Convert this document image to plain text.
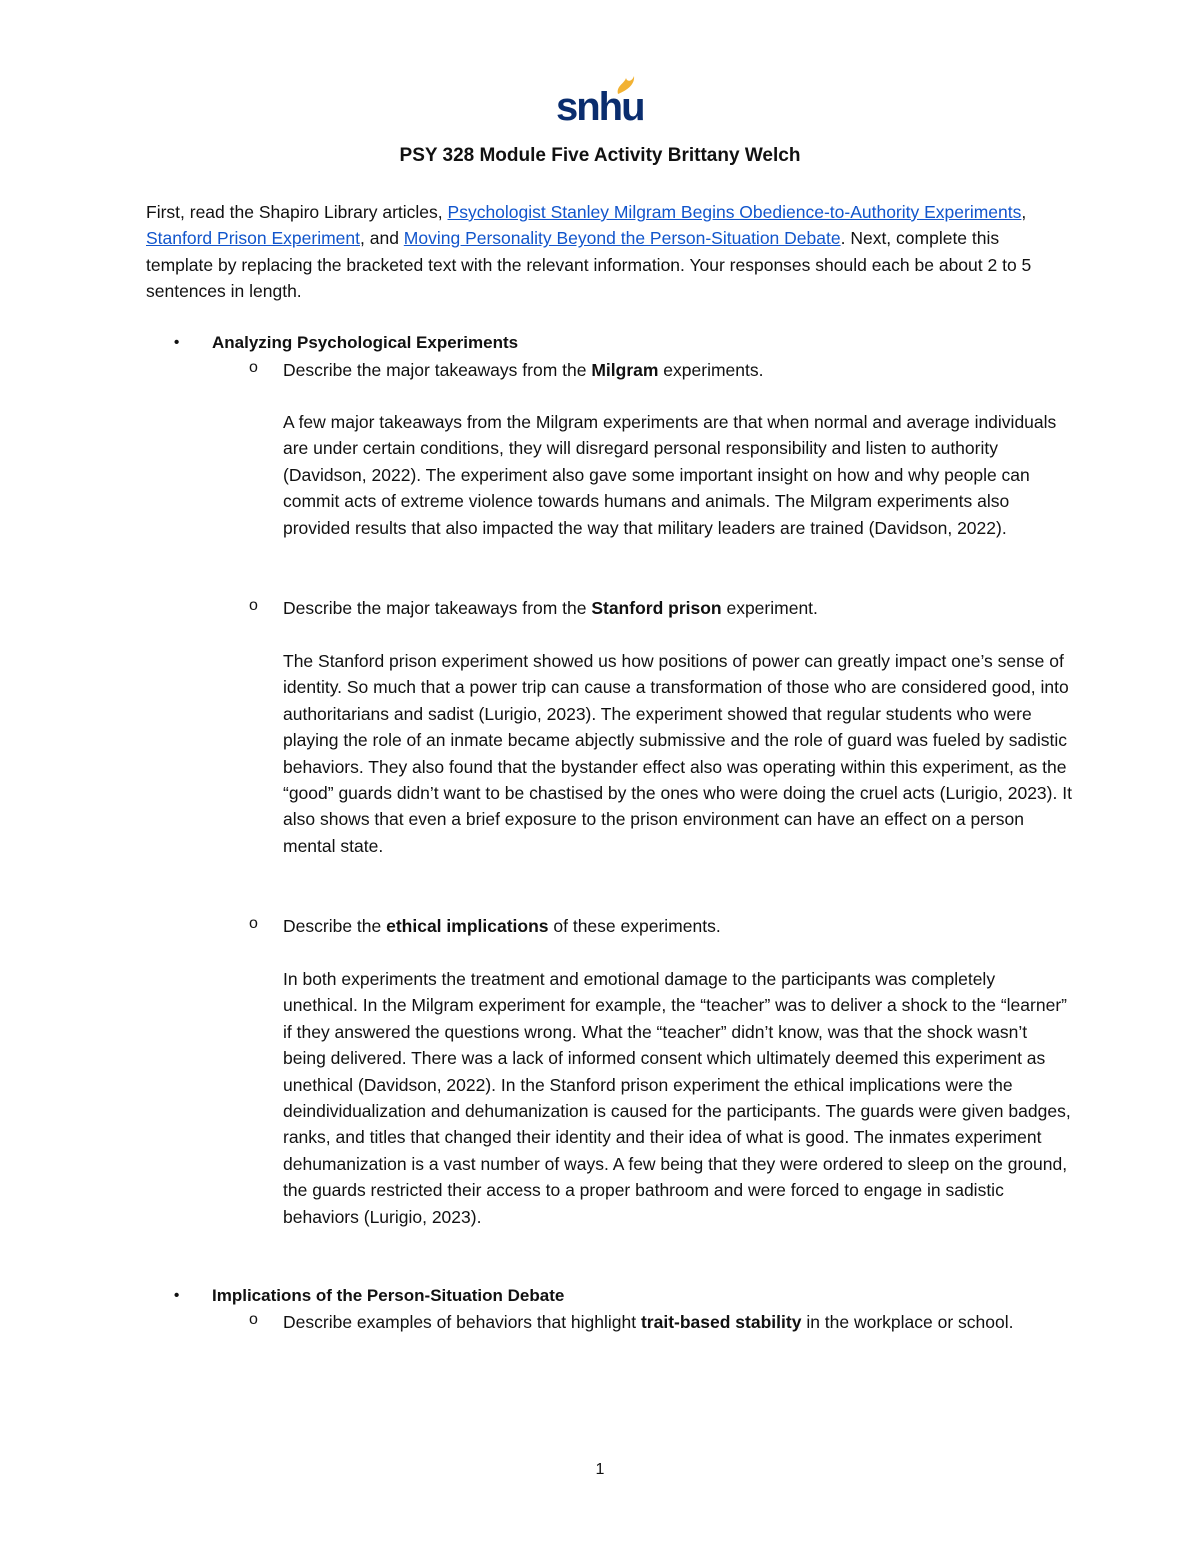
snhu
PSY 328 Module Five Activity Brittany Welch

First, read the Shapiro Library articles, Psychologist Stanley Milgram Begins Obedience-to-Authority Experiments, Stanford Prison Experiment, and Moving Personality Beyond the Person-Situation Debate. Next, complete this template by replacing the bracketed text with the relevant information. Your responses should each be about 2 to 5 sentences in length.

• Analyzing Psychological Experiments
o Describe the major takeaways from the Milgram experiments.

A few major takeaways from the Milgram experiments are that when normal and average individuals are under certain conditions, they will disregard personal responsibility and listen to authority (Davidson, 2022). The experiment also gave some important insight on how and why people can commit acts of extreme violence towards humans and animals. The Milgram experiments also provided results that also impacted the way that military leaders are trained (Davidson, 2022).

o Describe the major takeaways from the Stanford prison experiment.

The Stanford prison experiment showed us how positions of power can greatly impact one’s sense of identity. So much that a power trip can cause a transformation of those who are considered good, into authoritarians and sadist (Lurigio, 2023). The experiment showed that regular students who were playing the role of an inmate became abjectly submissive and the role of guard was fueled by sadistic behaviors. They also found that the bystander effect also was operating within this experiment, as the “good” guards didn’t want to be chastised by the ones who were doing the cruel acts (Lurigio, 2023). It also shows that even a brief exposure to the prison environment can have an effect on a person mental state.

o Describe the ethical implications of these experiments.

In both experiments the treatment and emotional damage to the participants was completely unethical. In the Milgram experiment for example, the “teacher” was to deliver a shock to the “learner” if they answered the questions wrong. What the “teacher” didn’t know, was that the shock wasn’t being delivered. There was a lack of informed consent which ultimately deemed this experiment as unethical (Davidson, 2022). In the Stanford prison experiment the ethical implications were the deindividualization and dehumanization is caused for the participants. The guards were given badges, ranks, and titles that changed their identity and their idea of what is good. The inmates experiment dehumanization is a vast number of ways. A few being that they were ordered to sleep on the ground, the guards restricted their access to a proper bathroom and were forced to engage in sadistic behaviors (Lurigio, 2023).

• Implications of the Person-Situation Debate
o Describe examples of behaviors that highlight trait-based stability in the workplace or school.

1
